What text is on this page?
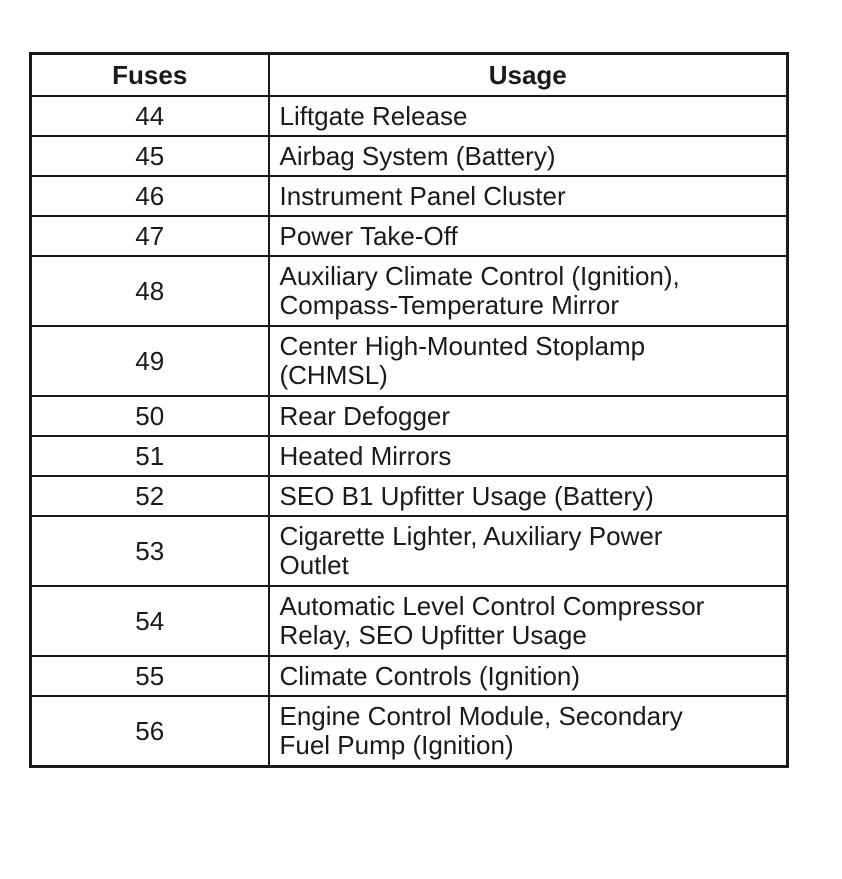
Fuses	Usage
44	Liftgate Release

45	Airbag System (Battery)

46	Instrument Panel Cluster

47	Power Take-Off

48	Auxiliary Climate Control (Ignition),
Compass-Temperature Mirror

49	Center High-Mounted Stoplamp
(CHMSL)

50	Rear Defogger

51	Heated Mirrors

52	SEO B1 Upfitter Usage (Battery)

53	Cigarette Lighter, Auxiliary Power
Outlet

54	Automatic Level Control Compressor
Relay, SEO Upfitter Usage

55	Climate Controls (Ignition)

56	Engine Control Module, Secondary
Fuel Pump (Ignition)
